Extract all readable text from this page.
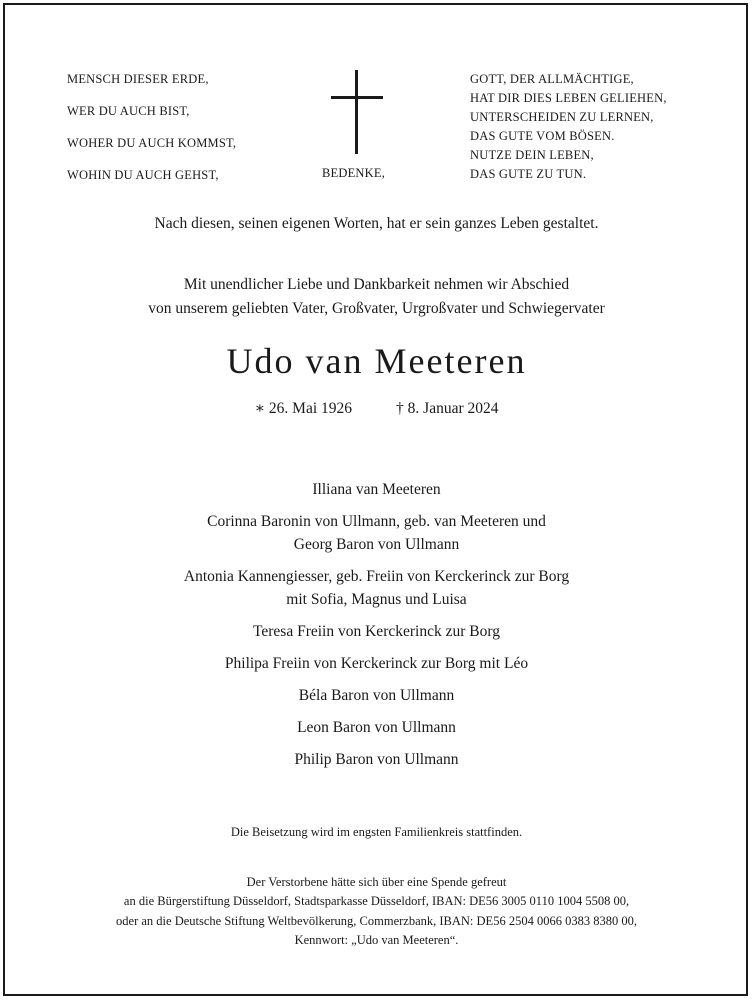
MENSCH DIESER ERDE,
WER DU AUCH BIST,
WOHER DU AUCH KOMMST,
WOHIN DU AUCH GEHST,	BEDENKE,
GOTT, DER ALLMÄCHTIGE,
HAT DIR DIES LEBEN GELIEHEN,
UNTERSCHEIDEN ZU LERNEN,
DAS GUTE VOM BÖSEN.
NUTZE DEIN LEBEN,
DAS GUTE ZU TUN.
Nach diesen, seinen eigenen Worten, hat er sein ganzes Leben gestaltet.
Mit unendlicher Liebe und Dankbarkeit nehmen wir Abschied
von unserem geliebten Vater, Großvater, Urgroßvater und Schwiegervater
Udo van Meeteren
∗ 26. Mai 1926	† 8. Januar 2024
Illiana van Meeteren
Corinna Baronin von Ullmann, geb. van Meeteren und
Georg Baron von Ullmann
Antonia Kannengiesser, geb. Freiin von Kerckerinck zur Borg
mit Sofia, Magnus und Luisa
Teresa Freiin von Kerckerinck zur Borg
Philipa Freiin von Kerckerinck zur Borg mit Léo
Béla Baron von Ullmann
Leon Baron von Ullmann
Philip Baron von Ullmann
Die Beisetzung wird im engsten Familienkreis stattfinden.
Der Verstorbene hätte sich über eine Spende gefreut
an die Bürgerstiftung Düsseldorf, Stadtsparkasse Düsseldorf, IBAN: DE56 3005 0110 1004 5508 00,
oder an die Deutsche Stiftung Weltbevölkerung, Commerzbank, IBAN: DE56 2504 0066 0383 8380 00,
Kennwort: „Udo van Meeteren“.
